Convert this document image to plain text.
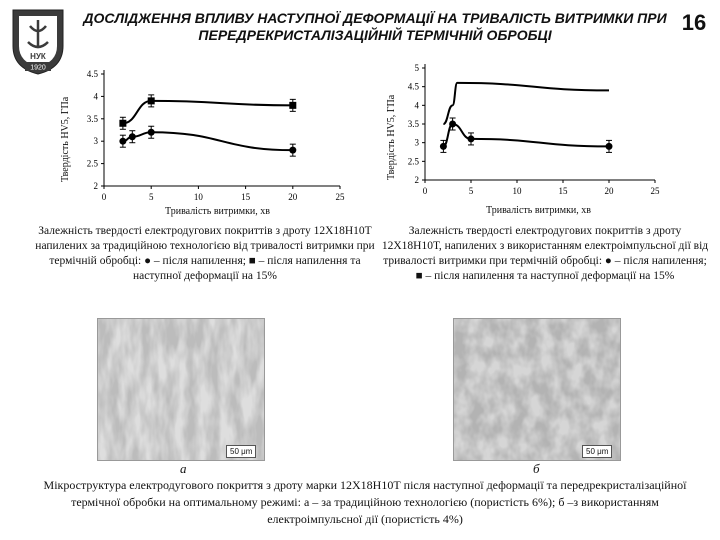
НУК
1920
ДОСЛІДЖЕННЯ ВПЛИВУ НАСТУПНОЇ ДЕФОРМАЦІЇ НА ТРИВАЛІСТЬ ВИТРИМКИ ПРИ ПЕРЕДРЕКРИСТАЛІЗАЦІЙНІЙ ТЕРМІЧНІЙ ОБРОБЦІ	16
0	5	10	15	20	25
2
2.5
3
3.5
4
4.5
Твердість HV5, ГПа
Тривалість витримки, хв
0	5	10	15	20	25
2
2.5
3
3.5
4
4.5
5
Твердість HV5, ГПа
Тривалість витримки, хв
Залежність твердості електродугових покриттів з дроту 12Х18Н10Т напилених за традиційною технологією від тривалості витримки при термічній обробці: ● – після напилення; ■ – після напилення та наступної деформації на 15%
Залежність твердості електродугових покриттів з дроту 12Х18Н10Т, напилених з використанням електроімпульсної дії від тривалості витримки при термічній обробці: ● – після напилення; ■ – після напилення та наступної деформації на 15%
50 μm
а
50 μm
б
Мікроструктура електродугового покриття з дроту марки 12Х18Н10Т після наступної деформації та передрекристалізаційної термічної обробки на оптимальному режимі: а – за традиційною технологією (пористість 6%); б –з використанням електроімпульсної дії (пористість 4%)
